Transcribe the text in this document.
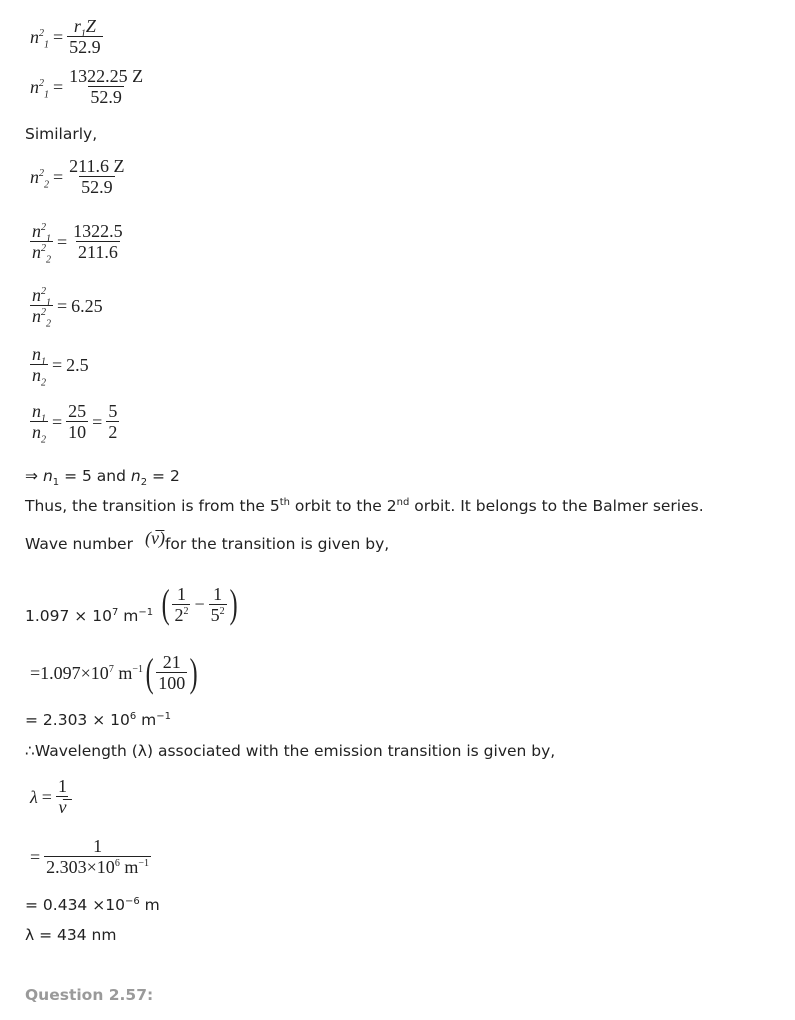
$n^2_1 = \frac{r_1Z}{52.9}$
$n^2_1 = \frac{1322.25 Z}{52.9}$
Similarly,
$n^2_2 = \frac{211.6 Z}{52.9}$
$\frac{n^2_1}{n^2_2} = \frac{1322.5}{211.6}$
$\frac{n^2_1}{n^2_2} = 6.25$
$\frac{n_1}{n_2} = 2.5$
$\frac{n_1}{n_2} = \frac{25}{10} = \frac{5}{2}$
⇒ $n_1 = 5$ and $n_2 = 2$
Thus, the transition is from the 5th orbit to the 2nd orbit. It belongs to the Balmer series.
Wave number (ν̅) for the transition is given by,
$1.097 \times 10^7$ $m^{-1}$ ( $\frac{1}{2^2} - \frac{1}{5^2}$ )
$=1.097\times 10^7$ $m^{-1}$ ( $\frac{21}{100}$ )
= $2.303 \times 10^6$ $m^{-1}$
∴Wavelength (λ) associated with the emission transition is given by,
$\lambda = \frac{1}{\nu̅}$
= $\frac{1}{2.303\times 10^6 m^{-1}}$
= $0.434 \times 10^{-6}$ m
λ = 434 nm
Question 2.57:
